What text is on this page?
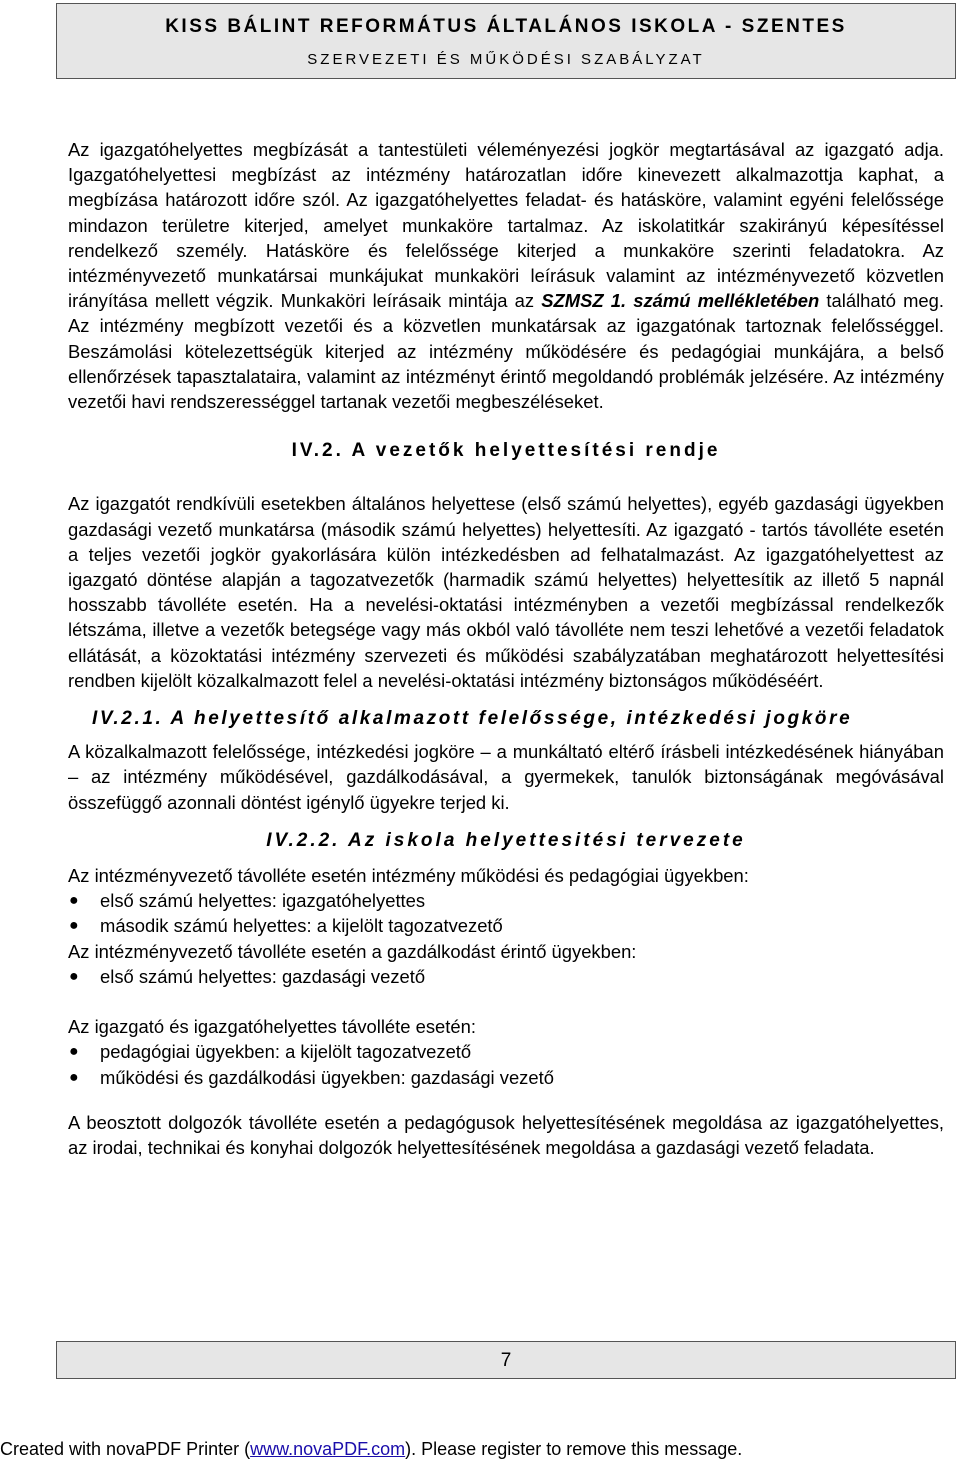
KISS BÁLINT REFORMÁTUS ÁLTALÁNOS ISKOLA - SZENTES
SZERVEZETI ÉS MŰKÖDÉSI SZABÁLYZAT

Az igazgatóhelyettes megbízását a tantestületi véleményezési jogkör megtartásával az igazgató adja. Igazgatóhelyettesi megbízást az intézmény határozatlan időre kinevezett alkalmazottja kaphat, a megbízása határozott időre szól. Az igazgatóhelyettes feladat- és hatásköre, valamint egyéni felelőssége mindazon területre kiterjed, amelyet munkaköre tartalmaz. Az iskolatitkár szakirányú képesítéssel rendelkező személy. Hatásköre és felelőssége kiterjed a munkaköre szerinti feladatokra. Az intézményvezető munkatársai munkájukat munkaköri leírásuk valamint az intézményvezető közvetlen irányítása mellett végzik. Munkaköri leírásaik mintája az SZMSZ 1. számú mellékletében található meg. Az intézmény megbízott vezetői és a közvetlen munkatársak az igazgatónak tartoznak felelősséggel. Beszámolási kötelezettségük kiterjed az intézmény működésére és pedagógiai munkájára, a belső ellenőrzések tapasztalataira, valamint az intézményt érintő megoldandó problémák jelzésére. Az intézmény vezetői havi rendszerességgel tartanak vezetői megbeszéléseket.

IV.2. A vezetők helyettesítési rendje

Az igazgatót rendkívüli esetekben általános helyettese (első számú helyettes), egyéb gazdasági ügyekben gazdasági vezető munkatársa (második számú helyettes) helyettesíti. Az igazgató - tartós távolléte esetén a teljes vezetői jogkör gyakorlására külön intézkedésben ad felhatalmazást. Az igazgatóhelyettest az igazgató döntése alapján a tagozatvezetők (harmadik számú helyettes) helyettesítik az illető 5 napnál hosszabb távolléte esetén. Ha a nevelési-oktatási intézményben a vezetői megbízással rendelkezők létszáma, illetve a vezetők betegsége vagy más okból való távolléte nem teszi lehetővé a vezetői feladatok ellátását, a közoktatási intézmény szervezeti és működési szabályzatában meghatározott helyettesítési rendben kijelölt közalkalmazott felel a nevelési-oktatási intézmény biztonságos működéséért.

IV.2.1. A helyettesítő alkalmazott felelőssége, intézkedési jogköre

A közalkalmazott felelőssége, intézkedési jogköre – a munkáltató eltérő írásbeli intézkedésének hiányában – az intézmény működésével, gazdálkodásával, a gyermekek, tanulók biztonságának megóvásával összefüggő azonnali döntést igénylő ügyekre terjed ki.

IV.2.2. Az iskola helyettesitési tervezete

Az intézményvezető távolléte esetén intézmény működési és pedagógiai ügyekben:

● első számú helyettes: igazgatóhelyettes
● második számú helyettes: a kijelölt tagozatvezető

Az intézményvezető távolléte esetén a gazdálkodást érintő ügyekben:

● első számú helyettes: gazdasági vezető

Az igazgató és igazgatóhelyettes távolléte esetén:

● pedagógiai ügyekben: a kijelölt tagozatvezető
● működési és gazdálkodási ügyekben: gazdasági vezető

A beosztott dolgozók távolléte esetén a pedagógusok helyettesítésének megoldása az igazgatóhelyettes, az irodai, technikai és konyhai dolgozók helyettesítésének megoldása a gazdasági vezető feladata.

7
Created with novaPDF Printer (www.novaPDF.com). Please register to remove this message.
